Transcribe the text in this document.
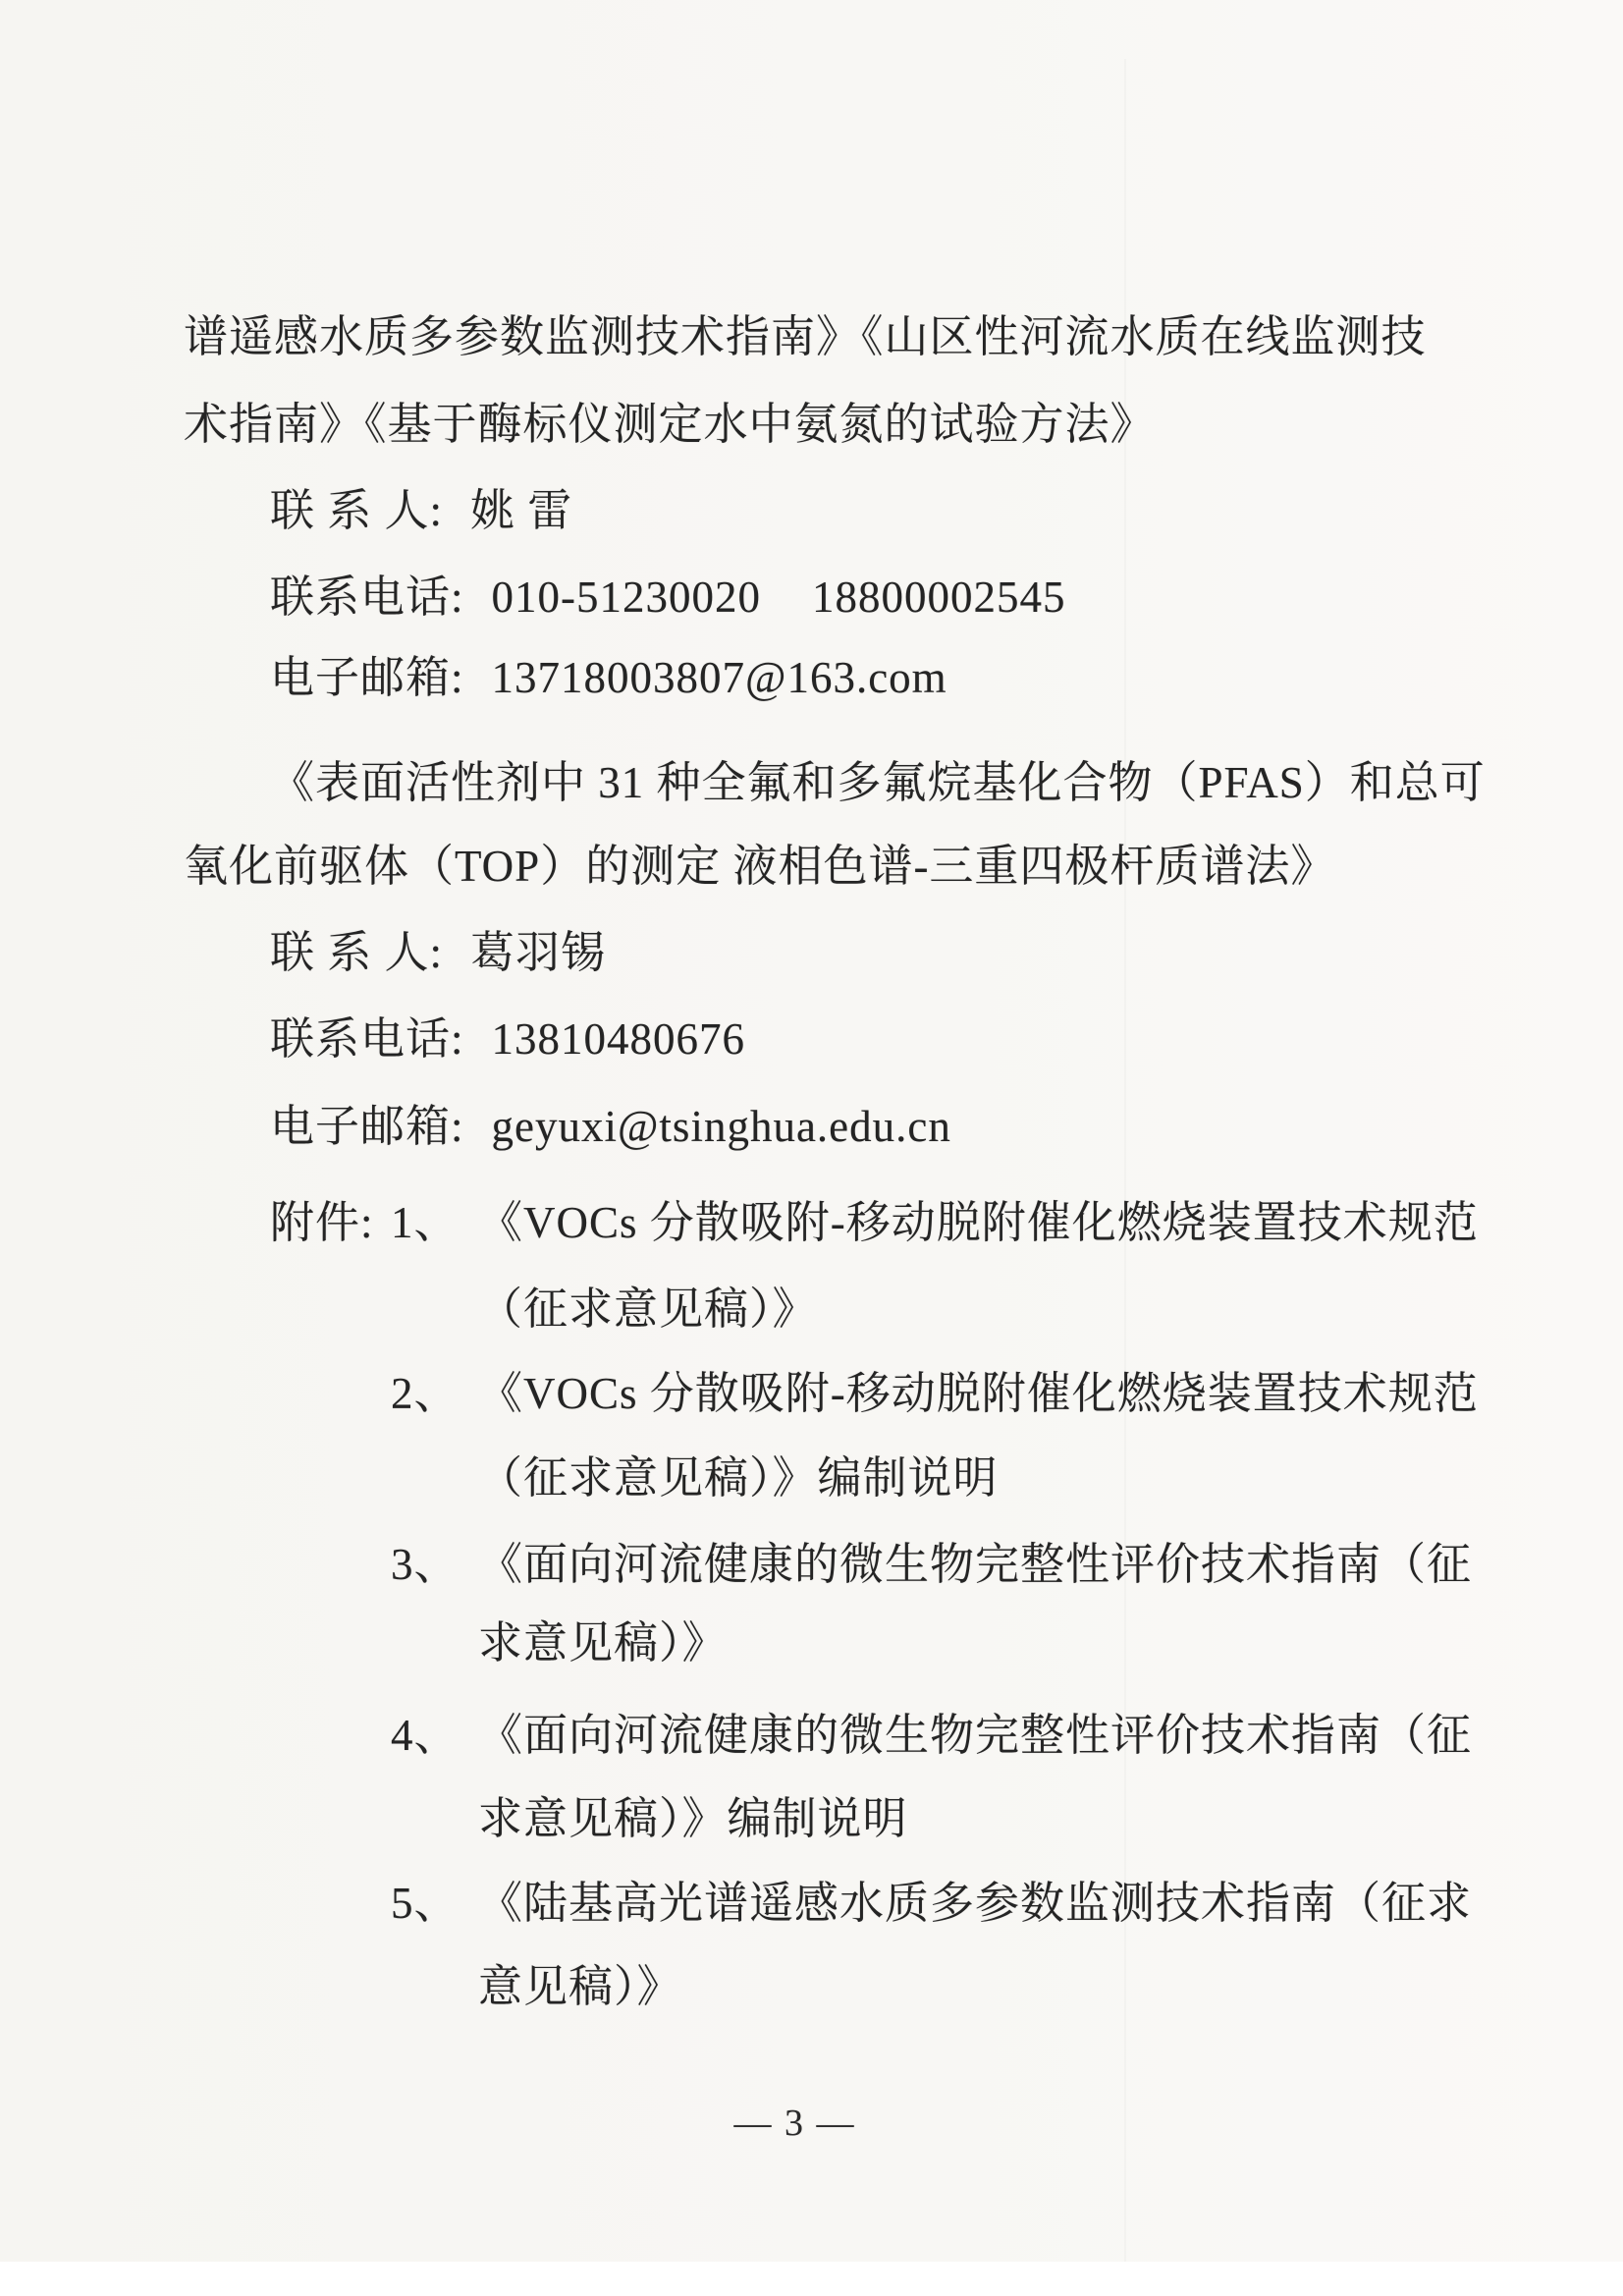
谱遥感水质多参数监测技术指南》《山区性河流水质在线监测技
术指南》《基于酶标仪测定水中氨氮的试验方法》
联 系 人: 姚 雷
联系电话: 010-51230020 18800002545
电子邮箱: 13718003807@163.com
《表面活性剂中 31 种全氟和多氟烷基化合物（PFAS）和总可
氧化前驱体（TOP）的测定 液相色谱-三重四极杆质谱法》
联 系 人: 葛羽锡
联系电话: 13810480676
电子邮箱: geyuxi@tsinghua.edu.cn
附件: 1、 《VOCs 分散吸附-移动脱附催化燃烧装置技术规范
（征求意见稿）》
2、 《VOCs 分散吸附-移动脱附催化燃烧装置技术规范
（征求意见稿）》编制说明
3、 《面向河流健康的微生物完整性评价技术指南（征
求意见稿）》
4、 《面向河流健康的微生物完整性评价技术指南（征
求意见稿）》编制说明
5、 《陆基高光谱遥感水质多参数监测技术指南（征求
意见稿）》
— 3 —
